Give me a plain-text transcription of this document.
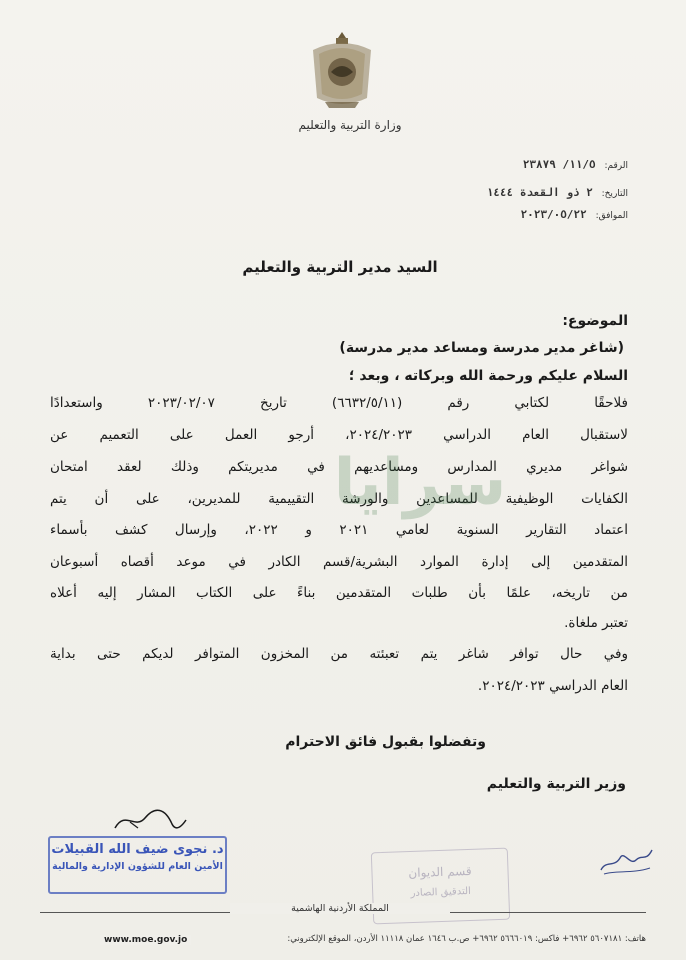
وزارة التربية والتعليم
الرقم: ١١/٥/ ٢٣٨٧٩
التاريخ: ٢ ذو القعدة ١٤٤٤
الموافق: ٢٠٢٣/٠٥/٢٢
السيد مدير التربية والتعليم
الموضوع:
(شاغر مدير مدرسة ومساعد مدير مدرسة)
السلام عليكم ورحمة الله وبركاته ، وبعد ؛
فلاحقًا لكتابي رقم (٦٦٣٢/٥/١١) تاريخ ٢٠٢٣/٠٢/٠٧ واستعدادًا
لاستقبال العام الدراسي ٢٠٢٤/٢٠٢٣، أرجو العمل على التعميم عن
شواغر مديري المدارس ومساعديهم في مديريتكم وذلك لعقد امتحان
الكفايات الوظيفية للمساعدين والورشة التقييمية للمديرين، على أن يتم
اعتماد التقارير السنوية لعامي ٢٠٢١ و ٢٠٢٢، وإرسال كشف بأسماء
المتقدمين إلى إدارة الموارد البشرية/قسم الكادر في موعد أقصاه أسبوعان
من تاريخه، علمًا بأن طلبات المتقدمين بناءً على الكتاب المشار إليه أعلاه
تعتبر ملغاة.
وفي حال توافر شاغر يتم تعبئته من المخزون المتوافر لديكم حتى بداية
العام الدراسي ٢٠٢٤/٢٠٢٣.
سرايا
وتفضلوا بقبول فائق الاحترام
وزير التربية والتعليم
د. نجوى ضيف الله القبيلات
الأمين العام للشؤون الإدارية والمالية	قسم الديوان
التدقيق الصادر
المملكة الأردنية الهاشمية
هاتف: ٥٦٠٧١٨١ ٦٩٦٢+ فاكس: ٥٦٦٦٠١٩ ٦٩٦٢+ ص.ب ١٦٤٦ عمان ١١١١٨ الأردن، الموقع الإلكتروني:
www.moe.gov.jo
